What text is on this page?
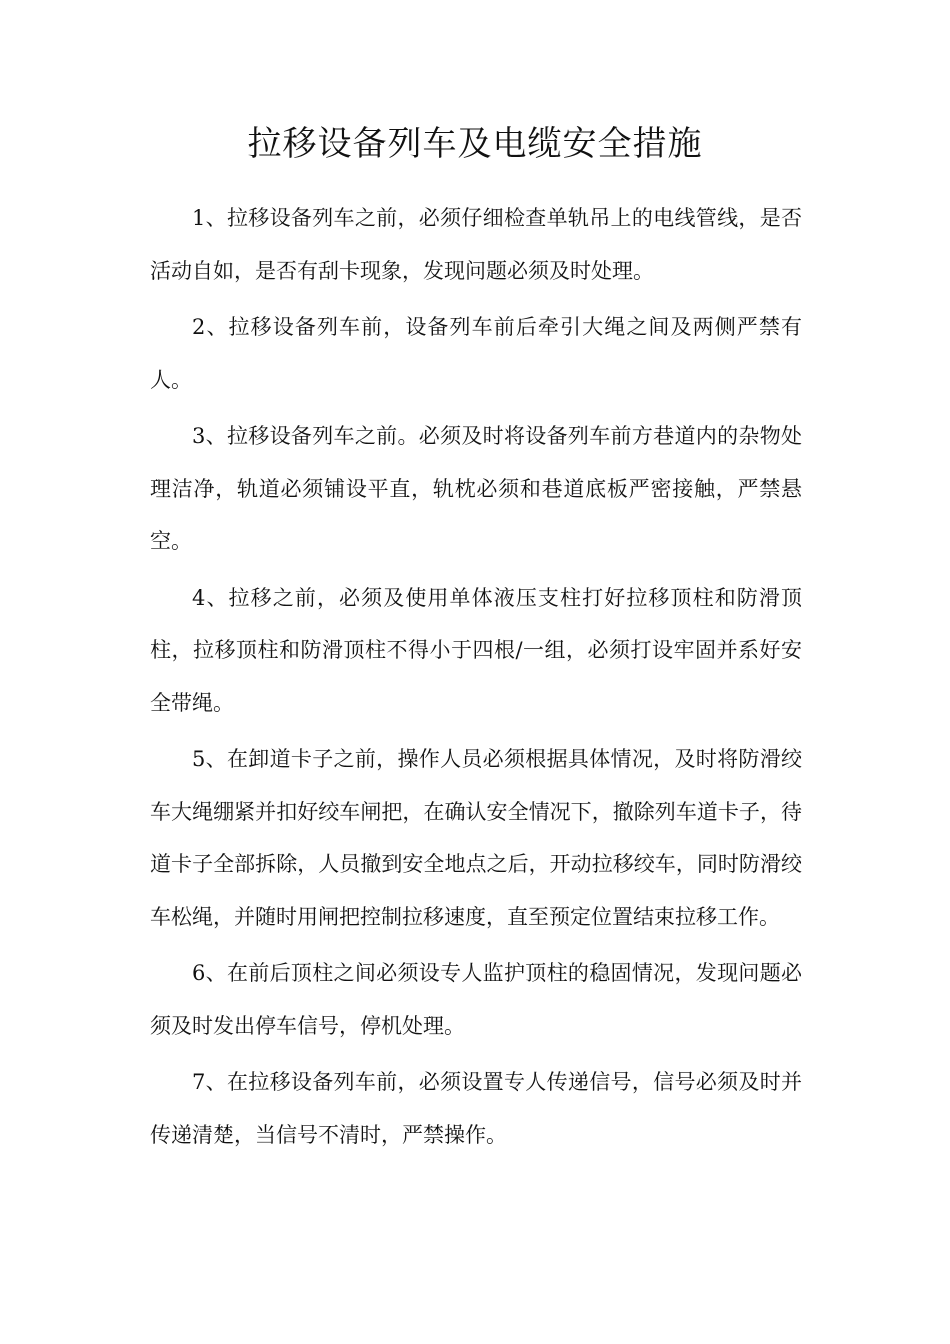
拉移设备列车及电缆安全措施

1、拉移设备列车之前，必须仔细检查单轨吊上的电线管线，是否活动自如，是否有刮卡现象，发现问题必须及时处理。

2、拉移设备列车前，设备列车前后牵引大绳之间及两侧严禁有人。

3、拉移设备列车之前。必须及时将设备列车前方巷道内的杂物处理洁净，轨道必须铺设平直，轨枕必须和巷道底板严密接触，严禁悬空。

4、拉移之前，必须及使用单体液压支柱打好拉移顶柱和防滑顶柱，拉移顶柱和防滑顶柱不得小于四根/一组，必须打设牢固并系好安全带绳。

5、在卸道卡子之前，操作人员必须根据具体情况，及时将防滑绞车大绳绷紧并扣好绞车闸把，在确认安全情况下，撤除列车道卡子，待道卡子全部拆除，人员撤到安全地点之后，开动拉移绞车，同时防滑绞车松绳，并随时用闸把控制拉移速度，直至预定位置结束拉移工作。

6、在前后顶柱之间必须设专人监护顶柱的稳固情况，发现问题必须及时发出停车信号，停机处理。

7、在拉移设备列车前，必须设置专人传递信号，信号必须及时并传递清楚，当信号不清时，严禁操作。
